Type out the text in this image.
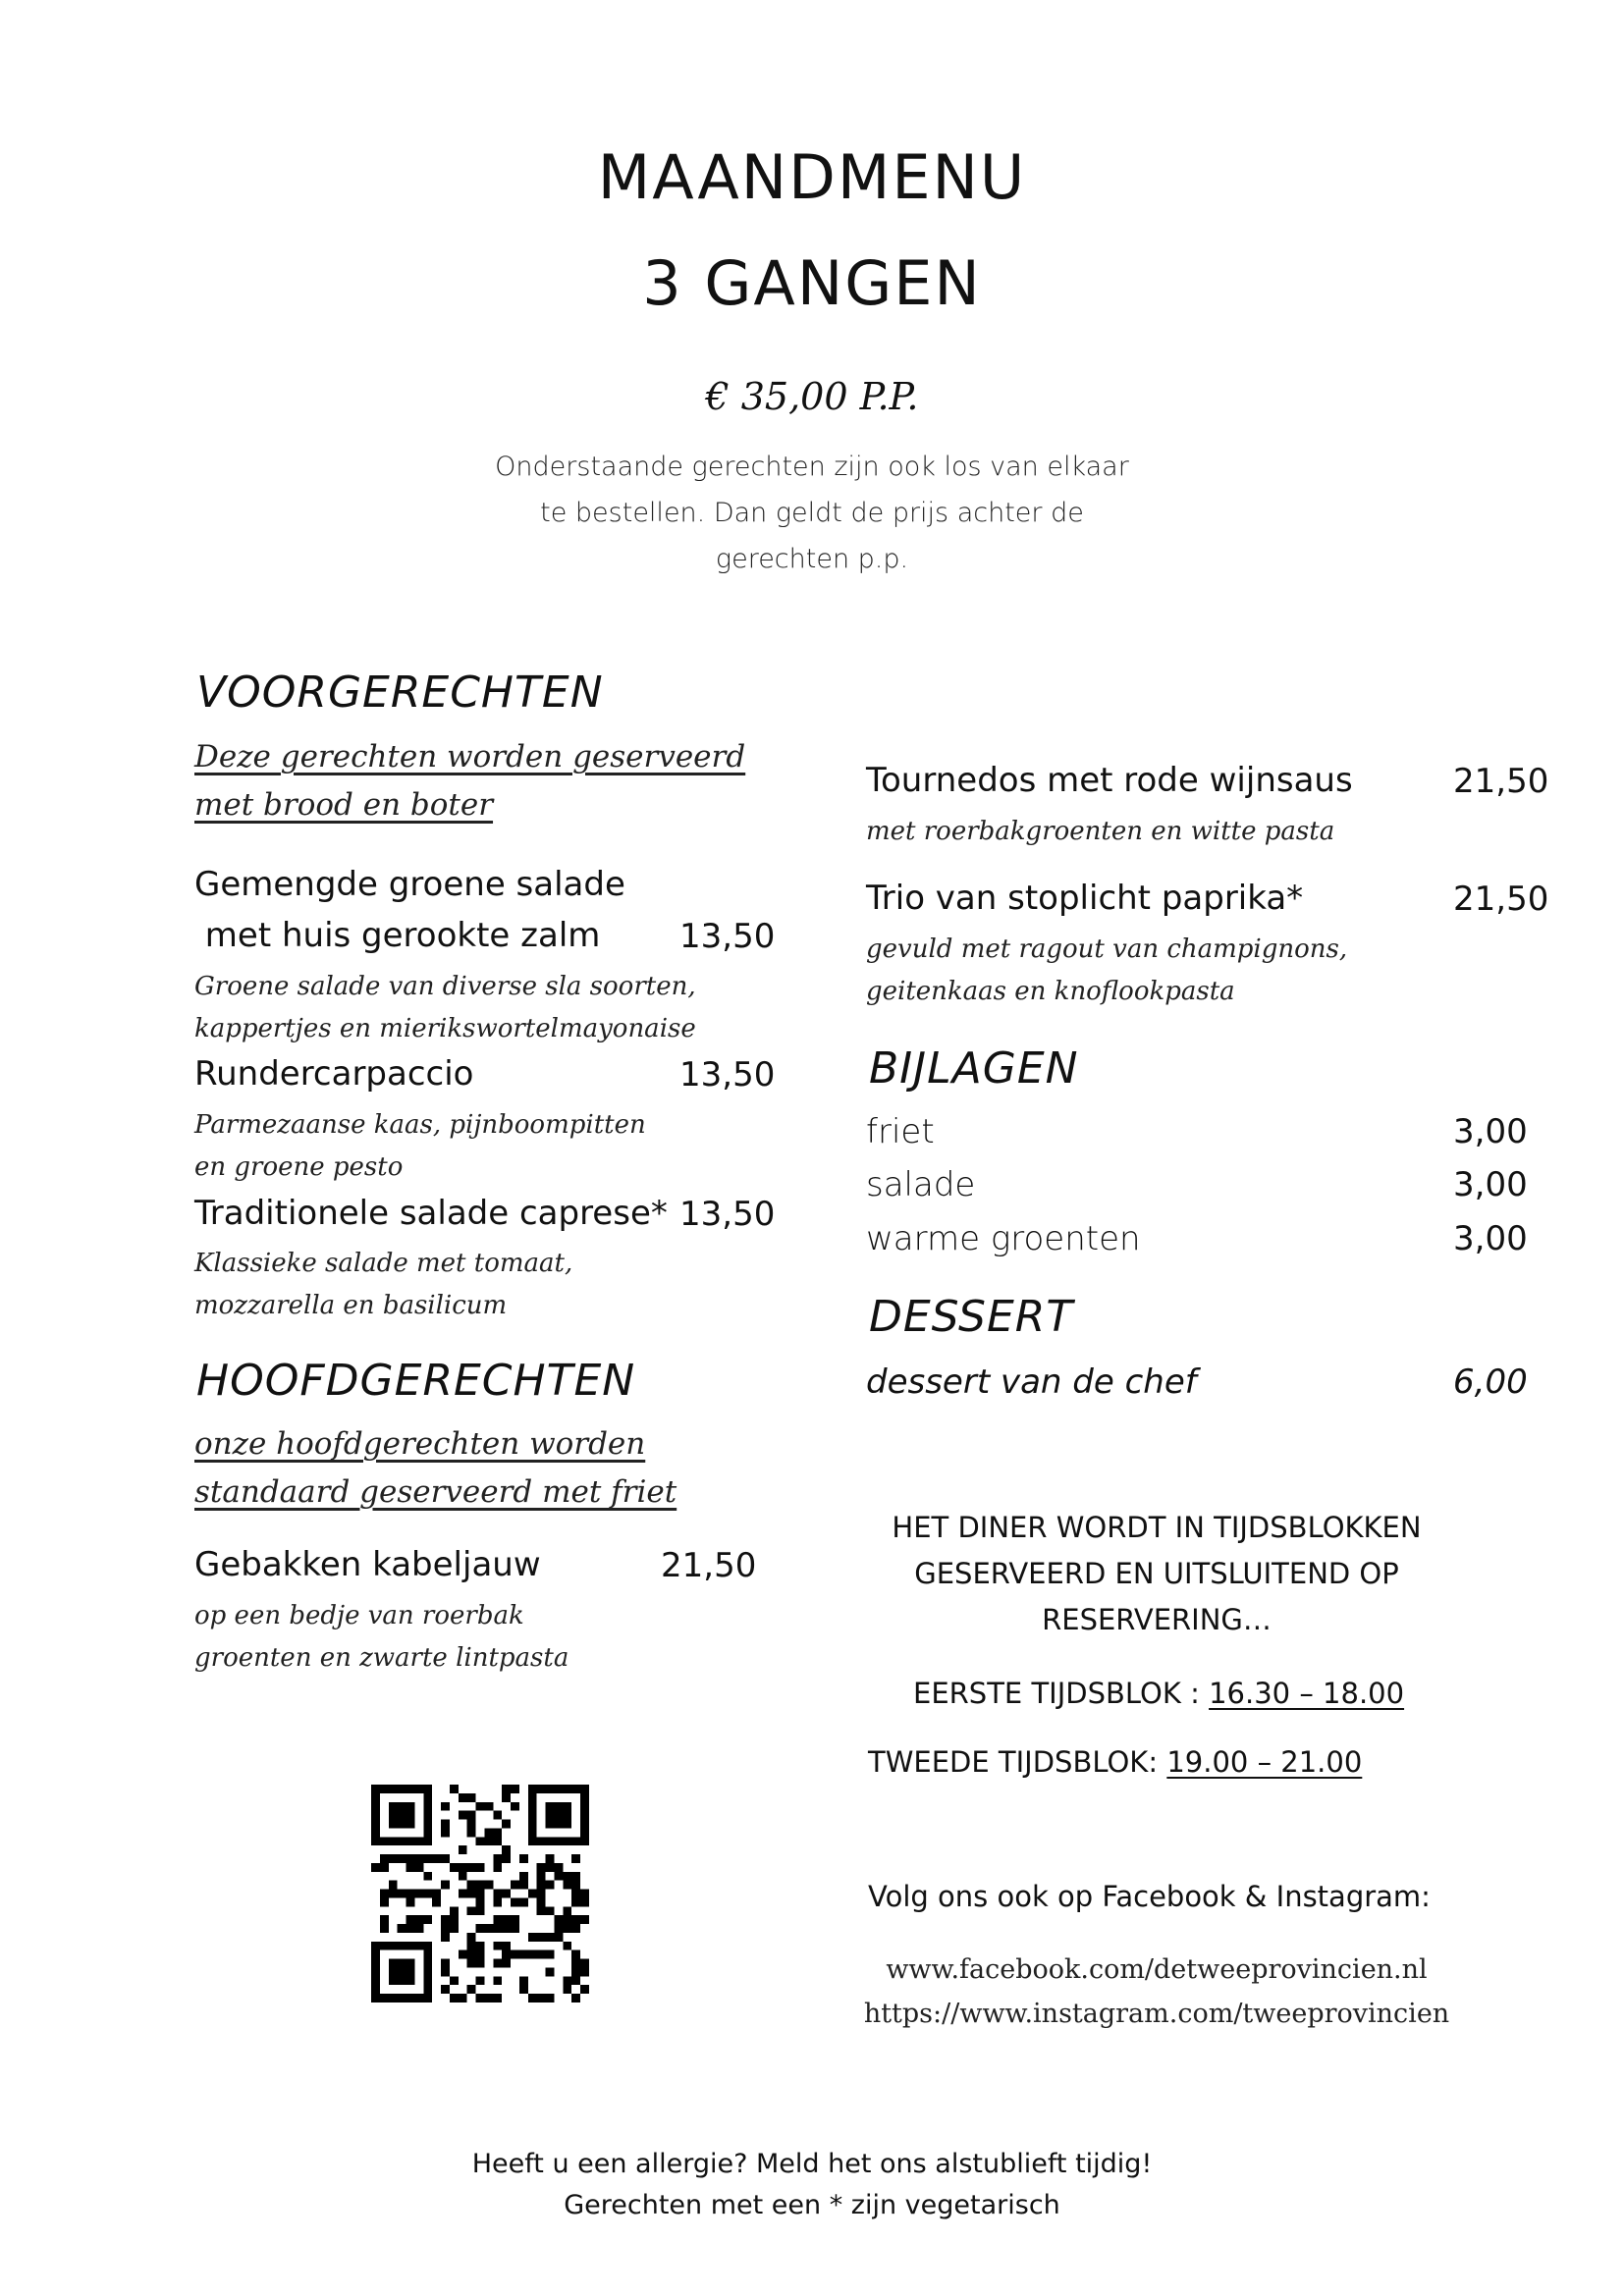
MAANDMENU
3 GANGEN
€ 35,00 P.P.
Onderstaande gerechten zijn ook los van elkaar
te bestellen. Dan geldt de prijs achter de
gerechten p.p.
VOORGERECHTEN
Deze gerechten worden geserveerd
met brood en boter
Gemengde groene salade
met huis gerookte zalm	13,50
Groene salade van diverse sla soorten,
kappertjes en mierikswortelmayonaise
Rundercarpaccio	13,50
Parmezaanse kaas, pijnboompitten
en groene pesto
Traditionele salade caprese* 13,50
Klassieke salade met tomaat,
mozzarella en basilicum
HOOFDGERECHTEN
onze hoofdgerechten worden
standaard geserveerd met friet
Gebakken kabeljauw	21,50
op een bedje van roerbak
groenten en zwarte lintpasta
Tournedos met rode wijnsaus	21,50
met roerbakgroenten en witte pasta
Trio van stoplicht paprika*	21,50
gevuld met ragout van champignons,
geitenkaas en knoflookpasta
BIJLAGEN
friet	3,00
salade	3,00
warme groenten	3,00
DESSERT
dessert van de chef	6,00
HET DINER WORDT IN TIJDSBLOKKEN
GESERVEERD EN UITSLUITEND OP
RESERVERING…
EERSTE TIJDSBLOK : 16.30 – 18.00
TWEEDE TIJDSBLOK: 19.00 – 21.00
Volg ons ook op Facebook & Instagram:
www.facebook.com/detweeprovincien.nl
https://www.instagram.com/tweeprovincien
Heeft u een allergie? Meld het ons alstublieft tijdig!
Gerechten met een * zijn vegetarisch
